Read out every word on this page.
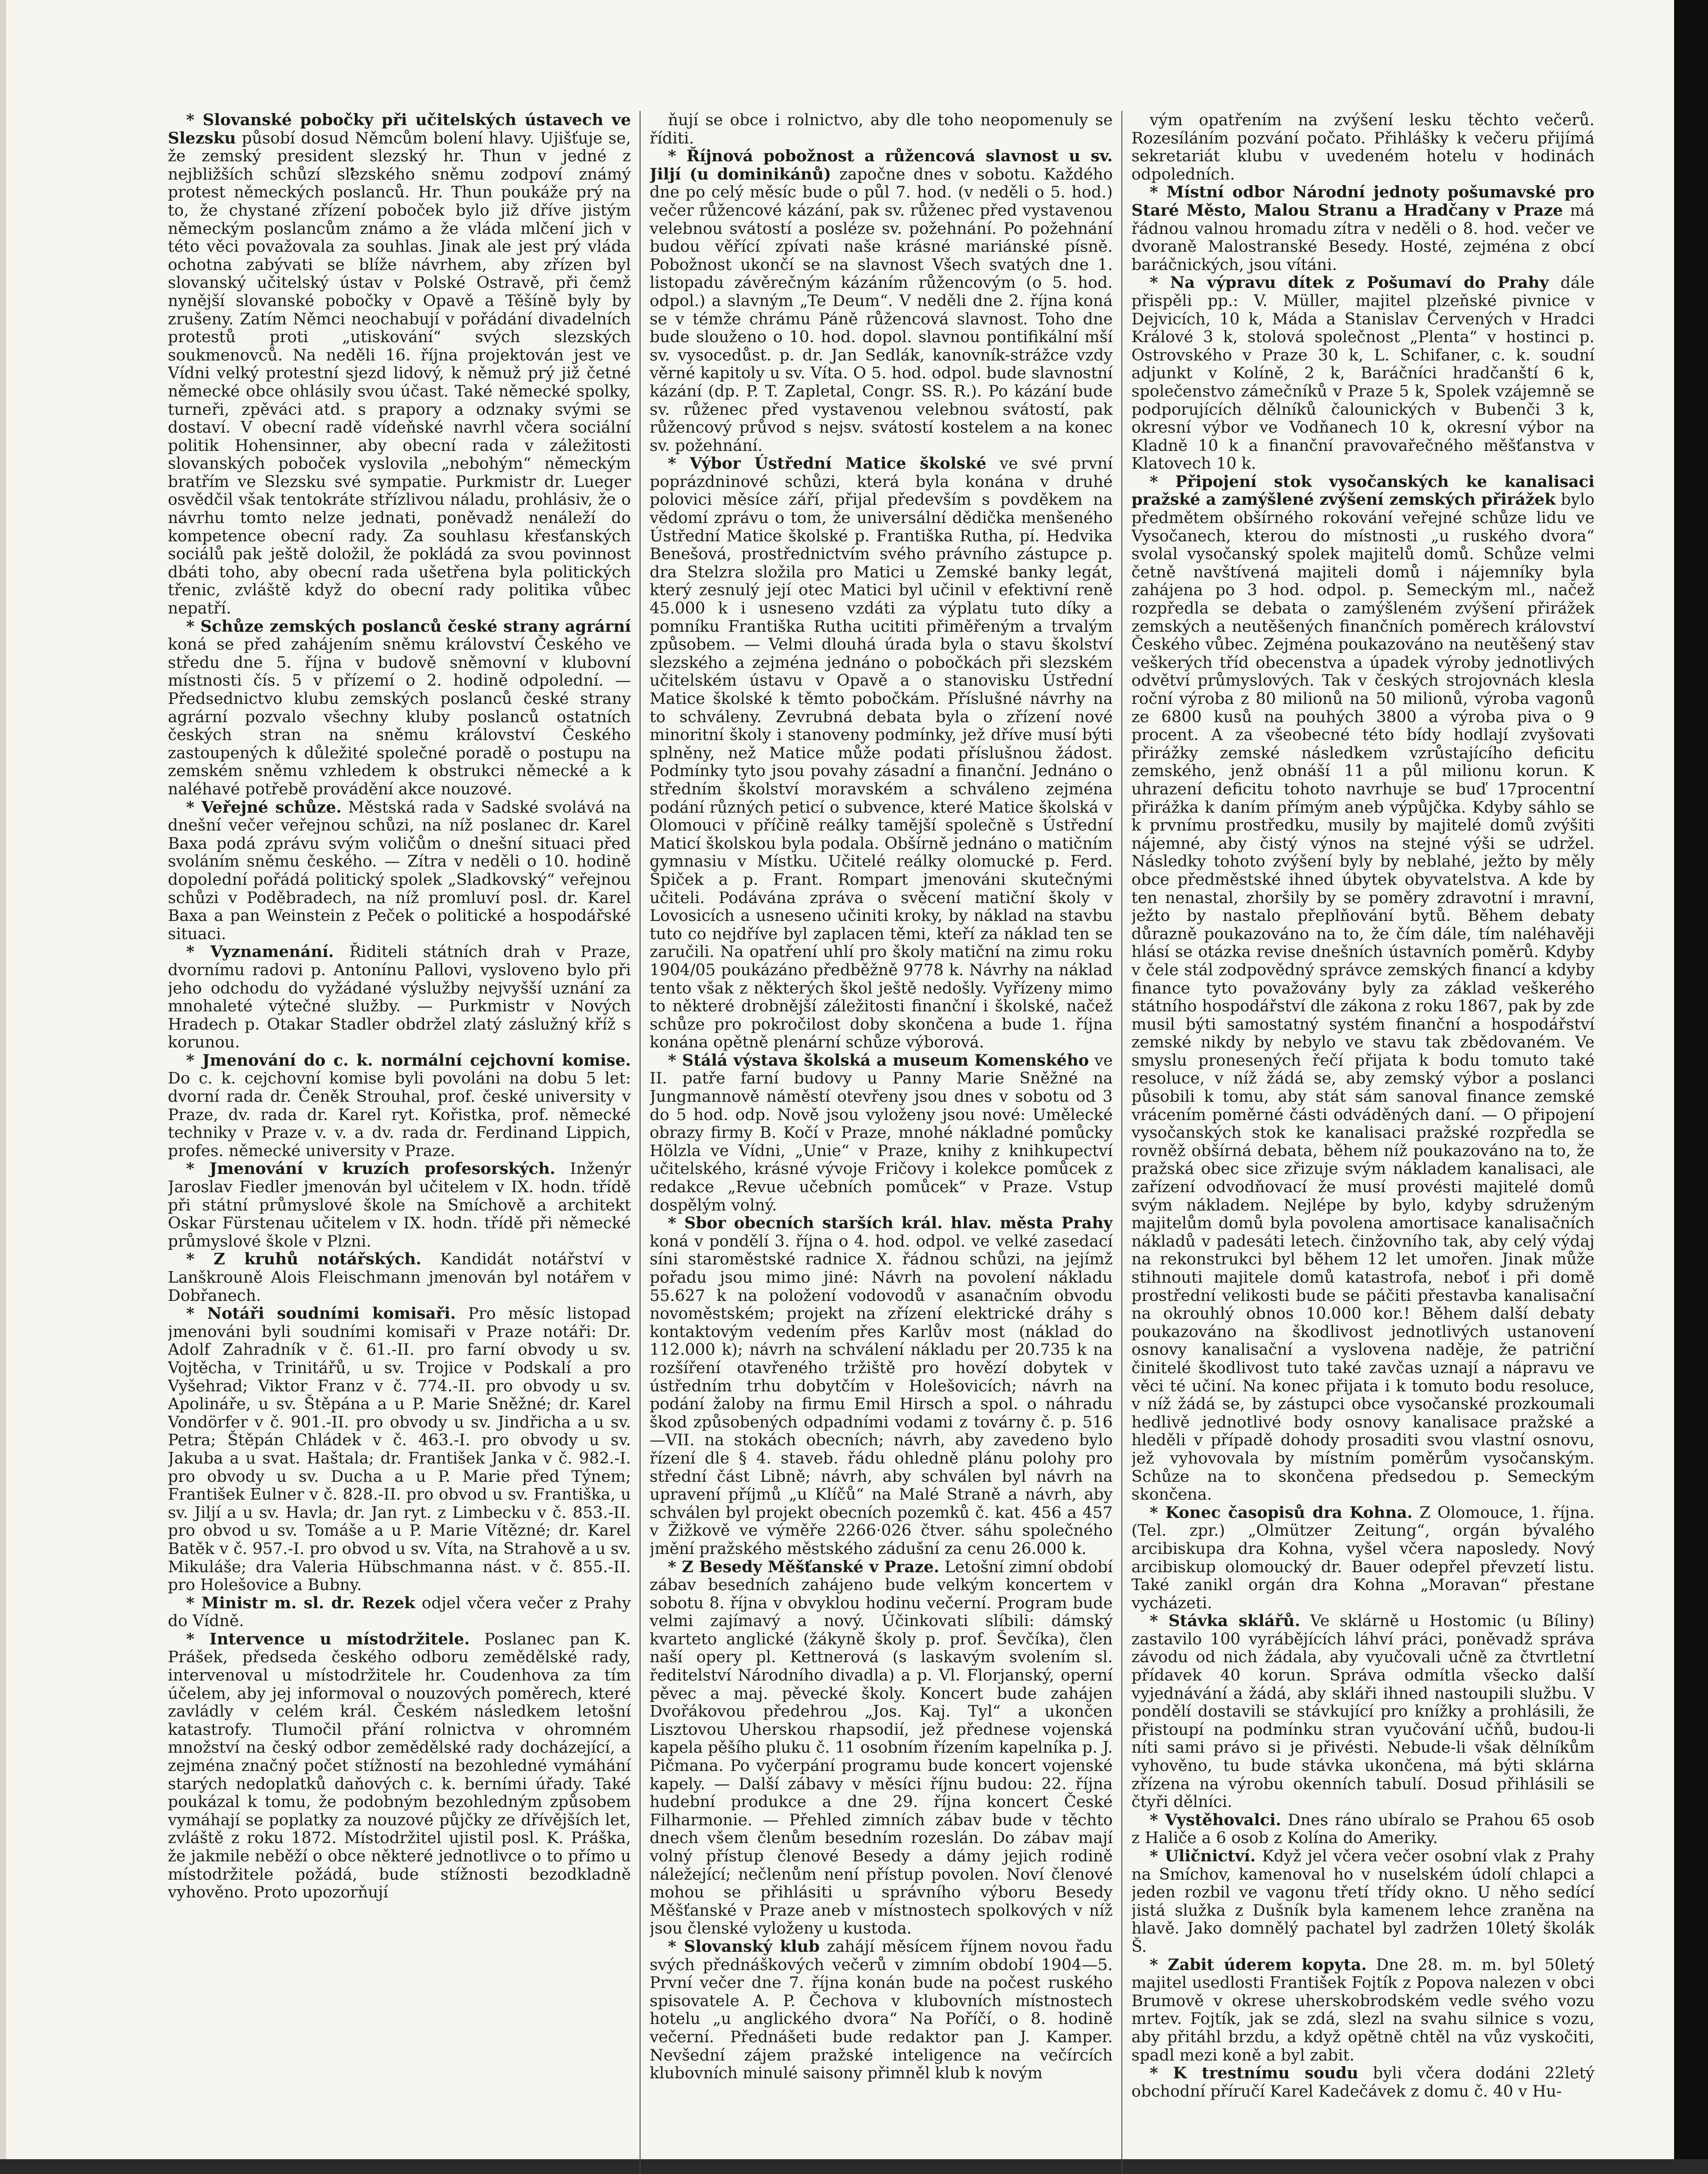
* Slovanské pobočky při učitelských ústavech ve Slezsku působí dosud Němcům bolení hlavy. Ujišťuje se, že zemský president slezský hr. Thun v jedné z nejbližších schůzí slezského sněmu zodpoví známý protest německých poslanců. Hr. Thun poukáže prý na to, že chystané zřízení poboček bylo již dříve jistým německým poslancům známo a že vláda mlčení jich v této věci považovala za souhlas. Jinak ale jest prý vláda ochotna zabývati se blíže návrhem, aby zřízen byl slovanský učitelský ústav v Polské Ostravě, při čemž nynější slovanské pobočky v Opavě a Těšíně byly by zrušeny. Zatím Němci neochabují v pořádání divadelních protestů proti „utiskování“ svých slezských soukmenovců. Na neděli 16. října projektován jest ve Vídni velký protestní sjezd lidový, k němuž prý již četné německé obce ohlásily svou účast. Také německé spolky, turneři, zpěváci atd. s prapory a odznaky svými se dostaví. V obecní radě vídeňské navrhl včera sociální politik Hohensinner, aby obecní rada v záležitosti slovanských poboček vyslovila „nebohým“ německým bratřím ve Slezsku své sympatie. Purkmistr dr. Lueger osvědčil však tentokráte střízlivou náladu, prohlásiv, že o návrhu tomto nelze jednati, poněvadž nenáleží do kompetence obecní rady. Za souhlasu křesťanských sociálů pak ještě doložil, že pokládá za svou povinnost dbáti toho, aby obecní rada ušetřena byla politických třenic, zvláště když do obecní rady politika vůbec nepatří.

* Schůze zemských poslanců české strany agrární koná se před zahájením sněmu království Českého ve středu dne 5. října v budově sněmovní v klubovní místnosti čís. 5 v přízemí o 2. hodině odpolední. — Předsednictvo klubu zemských poslanců české strany agrární pozvalo všechny kluby poslanců ostatních českých stran na sněmu království Českého zastoupených k důležité společné poradě o postupu na zemském sněmu vzhledem k obstrukci německé a k naléhavé potřebě provádění akce nouzové.

* Veřejné schůze. Městská rada v Sadské svolává na dnešní večer veřejnou schůzi, na níž poslanec dr. Karel Baxa podá zprávu svým voličům o dnešní situaci před svoláním sněmu českého. — Zítra v neděli o 10. hodině dopolední pořádá politický spolek „Sladkovský“ veřejnou schůzi v Poděbradech, na níž promluví posl. dr. Karel Baxa a pan Weinstein z Peček o politické a hospodářské situaci.

* Vyznamenání. Řiditeli státních drah v Praze, dvornímu radovi p. Antonínu Pallovi, vysloveno bylo při jeho odchodu do vyžádané výslužby nejvyšší uznání za mnohaleté výtečné služby. — Purkmistr v Nových Hradech p. Otakar Stadler obdržel zlatý záslužný kříž s korunou.

* Jmenování do c. k. normální cejchovní komise. Do c. k. cejchovní komise byli povoláni na dobu 5 let: dvorní rada dr. Čeněk Strouhal, prof. české university v Praze, dv. rada dr. Karel ryt. Kořistka, prof. německé techniky v Praze v. v. a dv. rada dr. Ferdinand Lippich, profes. německé university v Praze.

* Jmenování v kruzích profesorských. Inženýr Jaroslav Fiedler jmenován byl učitelem v IX. hodn. třídě při státní průmyslové škole na Smíchově a architekt Oskar Fürstenau učitelem v IX. hodn. třídě při německé průmyslové škole v Plzni.

* Z kruhů notářských. Kandidát notářství v Lanškrouně Alois Fleischmann jmenován byl notářem v Dobřanech.

* Notáři soudními komisaři. Pro měsíc listopad jmenováni byli soudními komisaři v Praze notáři: Dr. Adolf Zahradník v č. 61.-II. pro farní obvody u sv. Vojtěcha, v Trinitářů, u sv. Trojice v Podskalí a pro Vyšehrad; Viktor Franz v č. 774.-II. pro obvody u sv. Apolináře, u sv. Štěpána a u P. Marie Sněžné; dr. Karel Vondörfer v č. 901.-II. pro obvody u sv. Jindřicha a u sv. Petra; Štěpán Chládek v č. 463.-I. pro obvody u sv. Jakuba a u svat. Haštala; dr. František Janka v č. 982.-I. pro obvody u sv. Ducha a u P. Marie před Týnem; František Eulner v č. 828.-II. pro obvod u sv. Františka, u sv. Jiljí a u sv. Havla; dr. Jan ryt. z Limbecku v č. 853.-II. pro obvod u sv. Tomáše a u P. Marie Vítězné; dr. Karel Batěk v č. 957.-I. pro obvod u sv. Víta, na Strahově a u sv. Mikuláše; dra Valeria Hübschmanna nást. v č. 855.-II. pro Holešovice a Bubny.

* Ministr m. sl. dr. Rezek odjel včera večer z Prahy do Vídně.

* Intervence u místodržitele. Poslanec pan K. Prášek, předseda českého odboru zemědělské rady, intervenoval u místodržitele hr. Coudenhova za tím účelem, aby jej informoval o nouzových poměrech, které zavládly v celém král. Českém následkem letošní katastrofy. Tlumočil přání rolnictva v ohromném množství na český odbor zemědělské rady docházející, a zejména značný počet stížností na bezohledné vymáhání starých nedoplatků daňových c. k. berními úřady. Také poukázal k tomu, že podobným bezohledným způsobem vymáhají se poplatky za nouzové půjčky ze dřívějších let, zvláště z roku 1872. Místodržitel ujistil posl. K. Práška, že jakmile neběží o obce některé jednotlivce o to přímo u místodržitele požádá, bude stížnosti bezodkladně vyhověno. Proto upozorňují

ňují se obce i rolnictvo, aby dle toho neopomenuly se říditi.

* Říjnová pobožnost a růžencová slavnost u sv. Jiljí (u dominikánů) započne dnes v sobotu. Každého dne po celý měsíc bude o půl 7. hod. (v neděli o 5. hod.) večer růžencové kázání, pak sv. růženec před vystavenou velebnou svátostí a posléze sv. požehnání. Po požehnání budou věřící zpívati naše krásné mariánské písně. Pobožnost ukončí se na slavnost Všech svatých dne 1. listopadu závěrečným kázáním růžencovým (o 5. hod. odpol.) a slavným „Te Deum“. V neděli dne 2. října koná se v témže chrámu Páně růžencová slavnost. Toho dne bude slouženo o 10. hod. dopol. slavnou pontifikální mší sv. vysocedůst. p. dr. Jan Sedlák, kanovník-strážce vzdy věrné kapitoly u sv. Víta. O 5. hod. odpol. bude slavnostní kázání (dp. P. T. Zapletal, Congr. SS. R.). Po kázání bude sv. růženec před vystavenou velebnou svátostí, pak růžencový průvod s nejsv. svátostí kostelem a na konec sv. požehnání.

* Výbor Ústřední Matice školské ve své první poprázdninové schůzi, která byla konána v druhé polovici měsíce září, přijal především s povděkem na vědomí zprávu o tom, že universální dědička menšeného Ústřední Matice školské p. Františka Rutha, pí. Hedvika Benešová, prostřednictvím svého právního zástupce p. dra Stelzra složila pro Matici u Zemské banky legát, který zesnulý její otec Matici byl učinil v efektivní reně 45.000 k i usneseno vzdáti za výplatu tuto díky a pomníku Františka Rutha ucititi přiměřeným a trvalým způsobem. — Velmi dlouhá úrada byla o stavu školství slezského a zejména jednáno o pobočkách při slezském učitelském ústavu v Opavě a o stanovisku Ústřední Matice školské k těmto pobočkám. Příslušné návrhy na to schváleny. Zevrubná debata byla o zřízení nové minoritní školy i stanoveny podmínky, jež dříve musí býti splněny, než Matice může podati příslušnou žádost. Podmínky tyto jsou povahy zásadní a finanční. Jednáno o středním školství moravském a schváleno zejména podání různých peticí o subvence, které Matice školská v Olomouci v příčině reálky tamější společně s Ústřední Maticí školskou byla podala. Obšírně jednáno o matičním gymnasiu v Místku. Učitelé reálky olomucké p. Ferd. Špiček a p. Frant. Rompart jmenováni skutečnými učiteli. Podávána zpráva o svěcení matiční školy v Lovosicích a usneseno učiniti kroky, by náklad na stavbu tuto co nejdříve byl zaplacen těmi, kteří za náklad ten se zaručili. Na opatření uhlí pro školy matiční na zimu roku 1904/05 poukázáno předběžně 9778 k. Návrhy na náklad tento však z některých škol ještě nedošly. Vyřízeny mimo to některé drobnější záležitosti finanční i školské, načež schůze pro pokročilost doby skončena a bude 1. října konána opětně plenární schůze výborová.

* Stálá výstava školská a museum Komenského ve II. patře farní budovy u Panny Marie Sněžné na Jungmannově náměstí otevřeny jsou dnes v sobotu od 3 do 5 hod. odp. Nově jsou vyloženy jsou nové: Umělecké obrazy firmy B. Kočí v Praze, mnohé nákladné pomůcky Hölzla ve Vídni, „Unie“ v Praze, knihy z knihkupectví učitelského, krásné vývoje Fričovy i kolekce pomůcek z redakce „Revue učebních pomůcek“ v Praze. Vstup dospělým volný.

* Sbor obecních starších král. hlav. města Prahy koná v pondělí 3. října o 4. hod. odpol. ve velké zasedací síni staroměstské radnice X. řádnou schůzi, na jejímž pořadu jsou mimo jiné: Návrh na povolení nákladu 55.627 k na položení vodovodů v asanačním obvodu novoměstském; projekt na zřízení elektrické dráhy s kontaktovým vedením přes Karlův most (náklad do 112.000 k); návrh na schválení nákladu per 20.735 k na rozšíření otavřeného tržiště pro hovězí dobytek v ústředním trhu dobytčím v Holešovicích; návrh na podání žaloby na firmu Emil Hirsch a spol. o náhradu škod způsobených odpadními vodami z továrny č. p. 516—VII. na stokách obecních; návrh, aby zavedeno bylo řízení dle § 4. staveb. řádu ohledně plánu polohy pro střední část Libně; návrh, aby schválen byl návrh na upravení příjmů „u Klíčů“ na Malé Straně a návrh, aby schválen byl projekt obecních pozemků č. kat. 456 a 457 v Žižkově ve výměře 2266·026 čtver. sáhu společného jmění pražského městského zádušní za cenu 26.000 k.

* Z Besedy Měšťanské v Praze. Letošní zimní období zábav besedních zahájeno bude velkým koncertem v sobotu 8. října v obvyklou hodinu večerní. Program bude velmi zajímavý a nový. Účinkovati slíbili: dámský kvarteto anglické (žákyně školy p. prof. Ševčíka), člen naší opery pl. Kettnerová (s laskavým svolením sl. ředitelství Národního divadla) a p. Vl. Florjanský, operní pěvec a maj. pěvecké školy. Koncert bude zahájen Dvořákovou předehrou „Jos. Kaj. Tyl“ a ukončen Lisztovou Uherskou rhapsodií, jež přednese vojenská kapela pěšího pluku č. 11 osobním řízením kapelníka p. J. Pičmana. Po vyčerpání programu bude koncert vojenské kapely. — Další zábavy v měsíci říjnu budou: 22. října hudební produkce a dne 29. října koncert České Filharmonie. — Přehled zimních zábav bude v těchto dnech všem členům besedním rozeslán. Do zábav mají volný přístup členové Besedy a dámy jejich rodině náležející; nečlenům není přístup povolen. Noví členové mohou se přihlásiti u správního výboru Besedy Měšťanské v Praze aneb v místnostech spolkových v níž jsou členské vyloženy u kustoda.

* Slovanský klub zahájí měsícem říjnem novou řadu svých přednáškových večerů v zimním období 1904—5. První večer dne 7. října konán bude na počest ruského spisovatele A. P. Čechova v klubovních místnostech hotelu „u anglického dvora“ Na Poříčí, o 8. hodině večerní. Přednášeti bude redaktor pan J. Kamper. Nevšední zájem pražské inteligence na večírcích klubovních minulé saisony přimněl klub k novým

vým opatřením na zvýšení lesku těchto večerů. Rozesíláním pozvání počato. Přihlášky k večeru přijímá sekretariát klubu v uvedeném hotelu v hodinách odpoledních.

* Místní odbor Národní jednoty pošumavské pro Staré Město, Malou Stranu a Hradčany v Praze má řádnou valnou hromadu zítra v neděli o 8. hod. večer ve dvoraně Malostranské Besedy. Hosté, zejména z obcí baráčnických, jsou vítáni.

* Na výpravu dítek z Pošumaví do Prahy dále přispěli pp.: V. Müller, majitel plzeňské pivnice v Dejvicích, 10 k, Máda a Stanislav Červených v Hradci Králové 3 k, stolová společnost „Plenta“ v hostinci p. Ostrovského v Praze 30 k, L. Schifaner, c. k. soudní adjunkt v Kolíně, 2 k, Baráčníci hradčanští 6 k, společenstvo zámečníků v Praze 5 k, Spolek vzájemně se podporujících dělníků čalounických v Bubenči 3 k, okresní výbor ve Vodňanech 10 k, okresní výbor na Kladně 10 k a finanční pravovařečného měšťanstva v Klatovech 10 k.

* Připojení stok vysočanských ke kanalisaci pražské a zamýšlené zvýšení zemských přirážek bylo předmětem obšírného rokování veřejné schůze lidu ve Vysočanech, kterou do místnosti „u ruského dvora“ svolal vysočanský spolek majitelů domů. Schůze velmi četně navštívená majiteli domů i nájemníky byla zahájena po 3 hod. odpol. p. Semeckým ml., načež rozpředla se debata o zamýšleném zvýšení přirážek zemských a neutěšených finančních poměrech království Českého vůbec. Zejména poukazováno na neutěšený stav veškerých tříd obecenstva a úpadek výroby jednotlivých odvětví průmyslových. Tak v českých strojovnách klesla roční výroba z 80 milionů na 50 milionů, výroba vagonů ze 6800 kusů na pouhých 3800 a výroba piva o 9 procent. A za všeobecné této bídy hodlají zvyšovati přirážky zemské následkem vzrůstajícího deficitu zemského, jenž obnáší 11 a půl milionu korun. K uhrazení deficitu tohoto navrhuje se buď 17procentní přirážka k daním přímým aneb výpůjčka. Kdyby sáhlo se k prvnímu prostředku, musily by majitelé domů zvýšiti nájemné, aby čistý výnos na stejné výši se udržel. Následky tohoto zvýšení byly by neblahé, ježto by měly obce předměstské ihned úbytek obyvatelstva. A kde by ten nenastal, zhoršily by se poměry zdravotní i mravní, ježto by nastalo přeplňování bytů. Během debaty důrazně poukazováno na to, že čím dále, tím naléhavěji hlásí se otázka revise dnešních ústavních poměrů. Kdyby v čele stál zodpovědný správce zemských financí a kdyby finance tyto považovány byly za základ veškerého státního hospodářství dle zákona z roku 1867, pak by zde musil býti samostatný systém finanční a hospodářství zemské nikdy by nebylo ve stavu tak zbědovaném. Ve smyslu pronesených řečí přijata k bodu tomuto také resoluce, v níž žádá se, aby zemský výbor a poslanci působili k tomu, aby stát sám sanoval finance zemské vrácením poměrné části odváděných daní. — O připojení vysočanských stok ke kanalisaci pražské rozpředla se rovněž obšírná debata, během níž poukazováno na to, že pražská obec sice zřizuje svým nákladem kanalisaci, ale zařízení odvodňovací že musí provésti majitelé domů svým nákladem. Nejlépe by bylo, kdyby sdruženým majitelům domů byla povolena amortisace kanalisačních nákladů v padesáti letech. činžovního tak, aby celý výdaj na rekonstrukci byl během 12 let umořen. Jinak může stihnouti majitele domů katastrofa, neboť i při domě prostřední velikosti bude se páčiti přestavba kanalisační na okrouhlý obnos 10.000 kor.! Během další debaty poukazováno na škodlivost jednotlivých ustanovení osnovy kanalisační a vyslovena naděje, že patriční činitelé škodlivost tuto také zavčas uznají a nápravu ve věci té učiní. Na konec přijata i k tomuto bodu resoluce, v níž žádá se, by zástupci obce vysočanské prozkoumali hedlivě jednotlivé body osnovy kanalisace pražské a hleděli v případě dohody prosaditi svou vlastní osnovu, jež vyhovovala by místním poměrům vysočanským. Schůze na to skončena předsedou p. Semeckým skončena.

* Konec časopisů dra Kohna. Z Olomouce, 1. října. (Tel. zpr.) „Olmützer Zeitung“, orgán bývalého arcibiskupa dra Kohna, vyšel včera naposledy. Nový arcibiskup olomoucký dr. Bauer odepřel převzetí listu. Také zanikl orgán dra Kohna „Moravan“ přestane vycházeti.

* Stávka sklářů. Ve sklárně u Hostomic (u Bíliny) zastavilo 100 vyrábějících láhví práci, poněvadž správa závodu od nich žádala, aby vyučovali učně za čtvrtletní přídavek 40 korun. Správa odmítla všecko další vyjednávání a žádá, aby skláři ihned nastoupili službu. V pondělí dostavili se stávkující pro knížky a prohlásili, že přistoupí na podmínku stran vyučování učňů, budou-li níti sami právo si je přivésti. Nebude-li však dělníkům vyhověno, tu bude stávka ukončena, má býti sklárna zřízena na výrobu okenních tabulí. Dosud přihlásili se čtyři dělníci.

* Vystěhovalci. Dnes ráno ubíralo se Prahou 65 osob z Haliče a 6 osob z Kolína do Ameriky.

* Uličnictví. Když jel včera večer osobní vlak z Prahy na Smíchov, kamenoval ho v nuselském údolí chlapci a jeden rozbil ve vagonu třetí třídy okno. U něho sedící jistá služka z Dušník byla kamenem lehce zraněna na hlavě. Jako domnělý pachatel byl zadržen 10letý školák Š.

* Zabit úderem kopyta. Dne 28. m. m. byl 50letý majitel usedlosti František Fojtík z Popova nalezen v obci Brumově v okrese uherskobrodském vedle svého vozu mrtev. Fojtík, jak se zdá, slezl na svahu silnice s vozu, aby přitáhl brzdu, a když opětně chtěl na vůz vyskočiti, spadl mezi koně a byl zabit.

* K trestnímu soudu byli včera dodáni 22letý obchodní příručí Karel Kadečávek z domu č. 40 v Hu-
